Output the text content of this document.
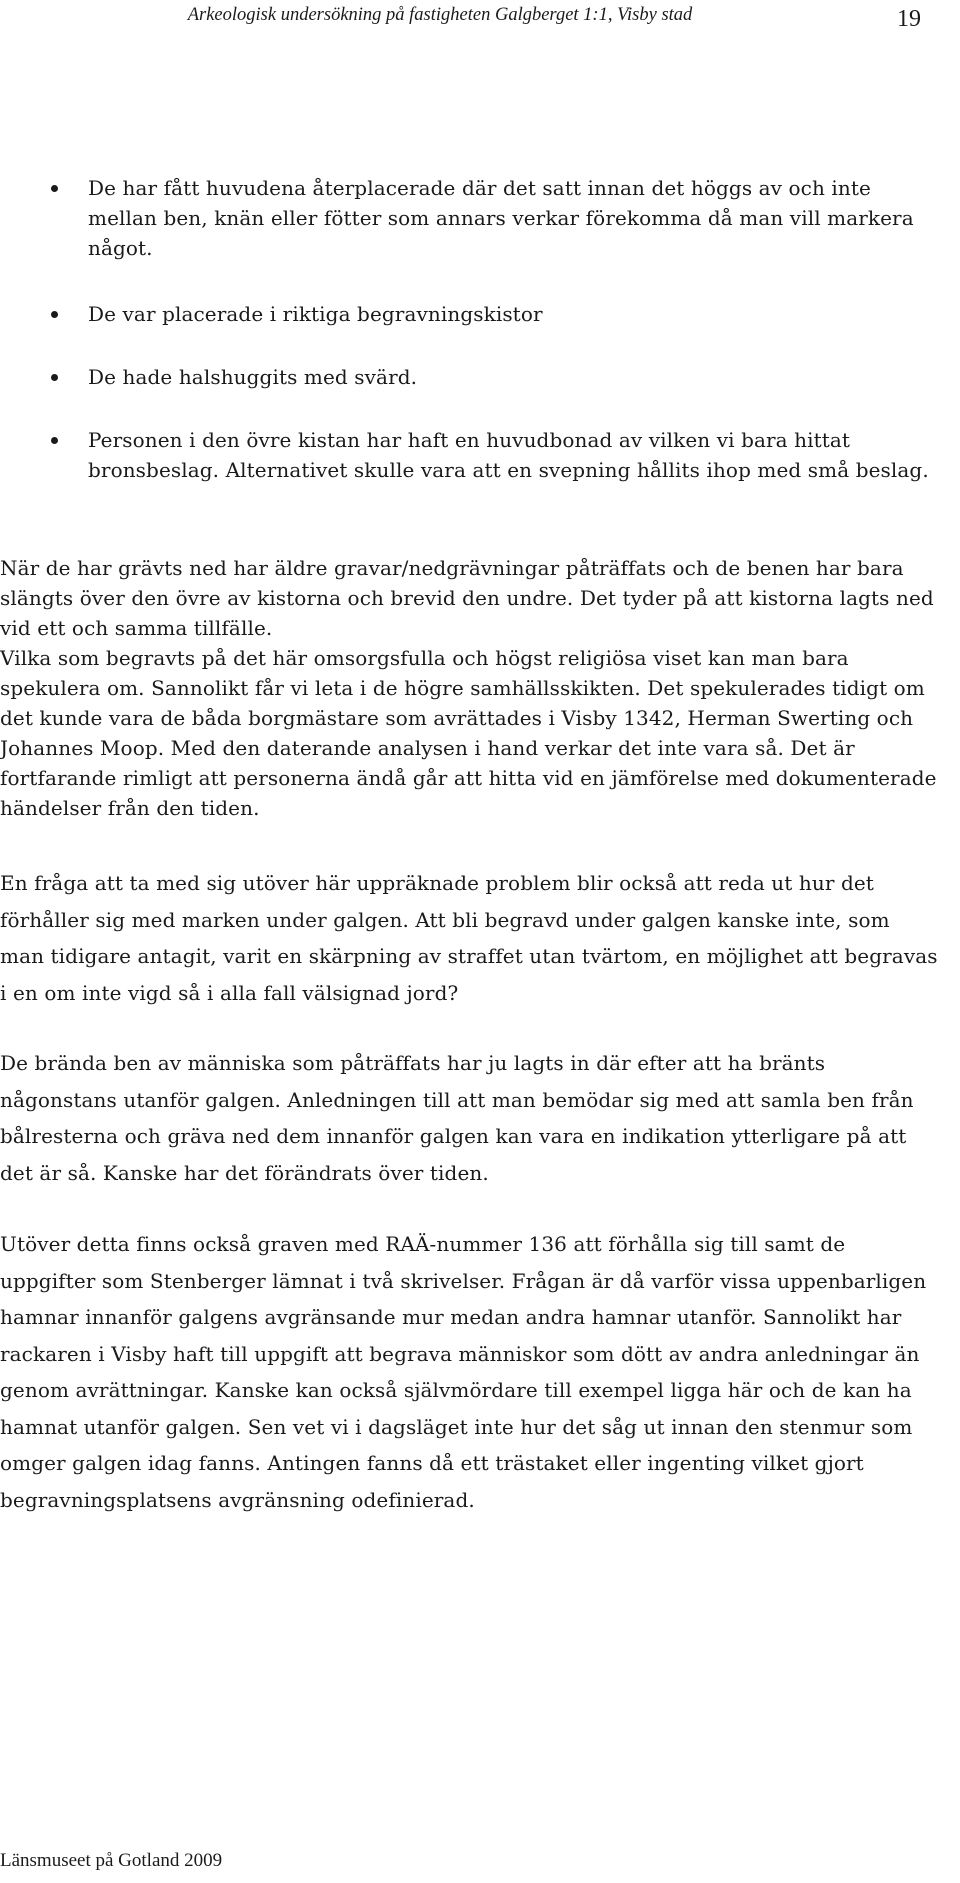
Arkeologisk undersökning på fastigheten Galgberget 1:1, Visby stad	19
De har fått huvudena återplacerade där det satt innan det höggs av och inte mellan ben, knän eller fötter som annars verkar förekomma då man vill markera något.
De var placerade i riktiga begravningskistor
De hade halshuggits med svärd.
Personen i den övre kistan har haft en huvudbonad av vilken vi bara hittat bronsbeslag. Alternativet skulle vara att en svepning hållits ihop med små beslag.

När de har grävts ned har äldre gravar/nedgrävningar påträffats och de benen har bara slängts över den övre av kistorna och brevid den undre. Det tyder på att kistorna lagts ned vid ett och samma tillfälle.

Vilka som begravts på det här omsorgsfulla och högst religiösa viset kan man bara spekulera om. Sannolikt får vi leta i de högre samhällsskikten. Det spekulerades tidigt om det kunde vara de båda borgmästare som avrättades i Visby 1342, Herman Swerting och Johannes Moop. Med den daterande analysen i hand verkar det inte vara så. Det är fortfarande rimligt att personerna ändå går att hitta vid en jämförelse med dokumenterade händelser från den tiden.

En fråga att ta med sig utöver här uppräknade problem blir också att reda ut hur det förhåller sig med marken under galgen. Att bli begravd under galgen kanske inte, som man tidigare antagit, varit en skärpning av straffet utan tvärtom, en möjlighet att begravas i en om inte vigd så i alla fall välsignad jord?

De brända ben av människa som påträffats har ju lagts in där efter att ha bränts någonstans utanför galgen. Anledningen till att man bemödar sig med att samla ben från bålresterna och gräva ned dem innanför galgen kan vara en indikation ytterligare på att det är så. Kanske har det förändrats över tiden.

Utöver detta finns också graven med RAÄ-nummer 136 att förhålla sig till samt de uppgifter som Stenberger lämnat i två skrivelser. Frågan är då varför vissa uppenbarligen hamnar innanför galgens avgränsande mur medan andra hamnar utanför. Sannolikt har rackaren i Visby haft till uppgift att begrava människor som dött av andra anledningar än genom avrättningar. Kanske kan också självmördare till exempel ligga här och de kan ha hamnat utanför galgen. Sen vet vi i dagsläget inte hur det såg ut innan den stenmur som omger galgen idag fanns. Antingen fanns då ett trästaket eller ingenting vilket gjort begravningsplatsens avgränsning odefinierad.

Länsmuseet på Gotland 2009
